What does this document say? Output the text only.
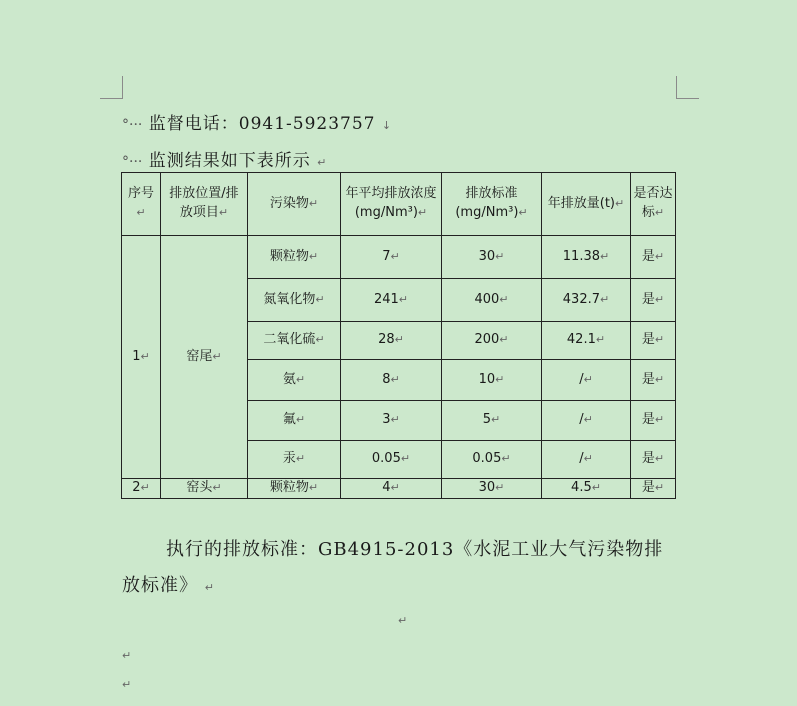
°··· 监督电话：0941-5923757 ↓
°··· 监测结果如下表所示 ↵
序号↵	排放位置/排放项目↵	污染物↵	年平均排放浓度(mg/Nm³)↵	排放标准(mg/Nm³)↵	年排放量(t)↵	是否达标↵
1↵	窑尾↵	颗粒物↵	7↵	30↵	11.38↵	是↵
		氮氧化物↵	241↵	400↵	432.7↵	是↵
		二氧化硫↵	28↵	200↵	42.1↵	是↵
		氨↵	8↵	10↵	/↵	是↵
		氟↵	3↵	5↵	/↵	是↵
		汞↵	0.05↵	0.05↵	/↵	是↵
2↵	窑头↵	颗粒物↵	4↵	30↵	4.5↵	是↵
执行的排放标准：GB4915-2013《水泥工业大气污染物排放标准》 ↵
↵
↵
↵
